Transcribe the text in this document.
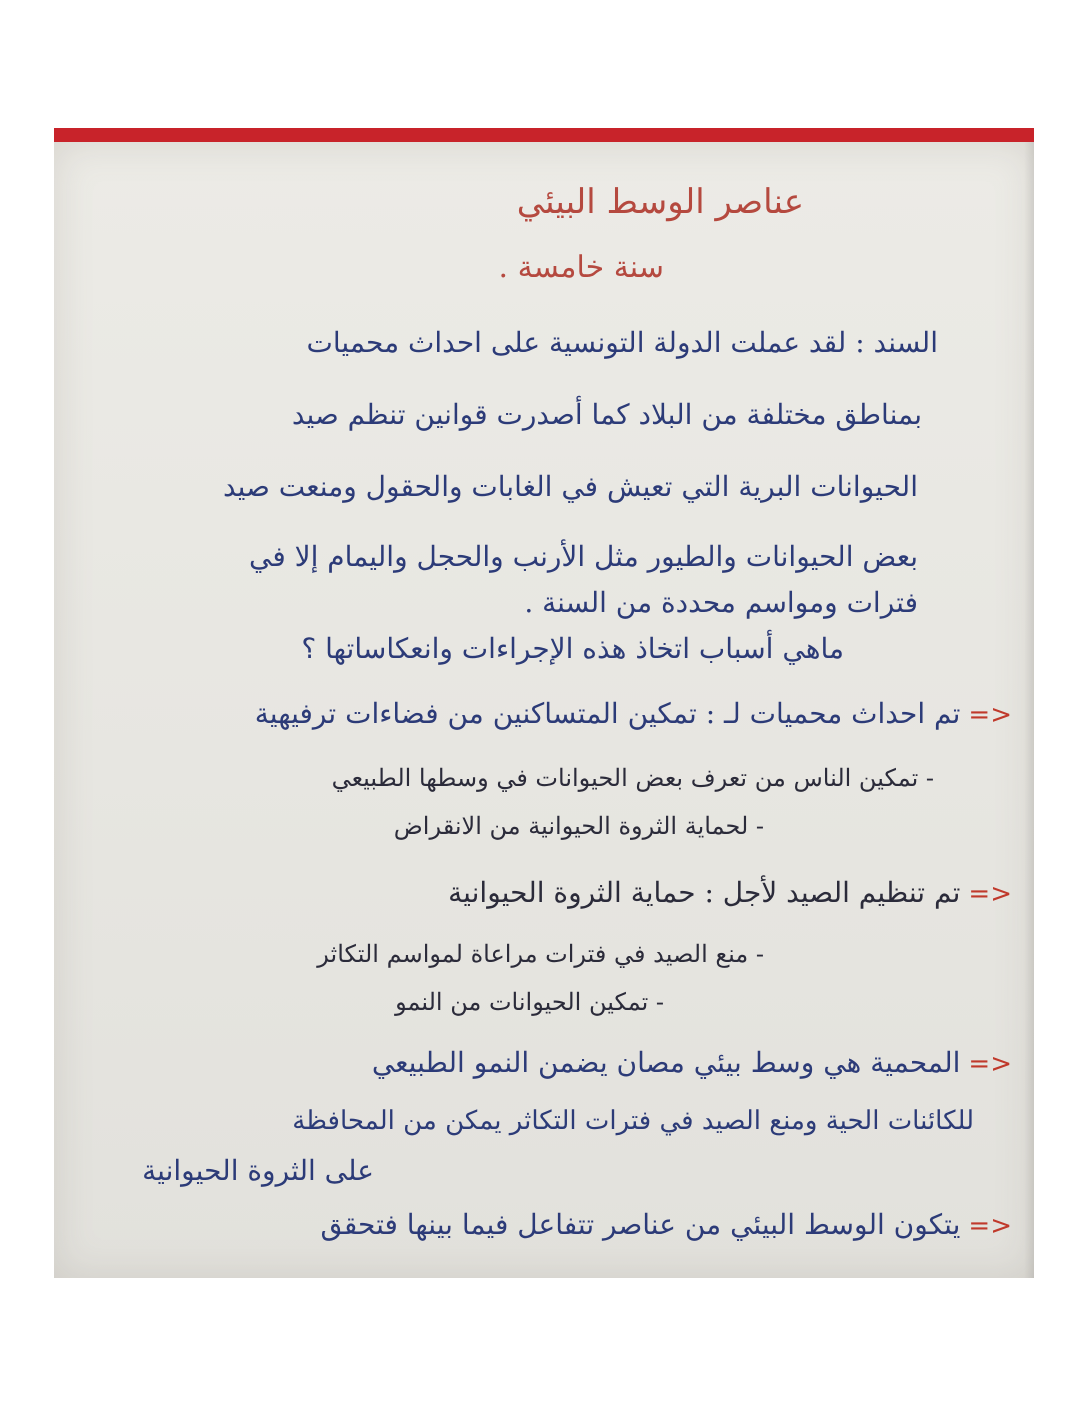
عناصر الوسط البيئي
سنة خامسة .
السند : لقد عملت الدولة التونسية على احداث محميات
بمناطق مختلفة من البلاد كما أصدرت قوانين تنظم صيد
الحيوانات البرية التي تعيش في الغابات والحقول ومنعت صيد
بعض الحيوانات والطيور مثل الأرنب والحجل واليمام إلا في
فترات ومواسم محددة من السنة .
ماهي أسباب اتخاذ هذه الإجراءات وانعكاساتها ؟
<=تم احداث محميات لـ : تمكين المتساكنين من فضاءات ترفيهية
- تمكين الناس من تعرف بعض الحيوانات في وسطها الطبيعي
- لحماية الثروة الحيوانية من الانقراض
<=تم تنظيم الصيد لأجل : حماية الثروة الحيوانية
- منع الصيد في فترات مراعاة لمواسم التكاثر
- تمكين الحيوانات من النمو
<=المحمية هي وسط بيئي مصان يضمن النمو الطبيعي
للكائنات الحية ومنع الصيد في فترات التكاثر يمكن من المحافظة
على الثروة الحيوانية
<=يتكون الوسط البيئي من عناصر تتفاعل فيما بينها فتحقق
